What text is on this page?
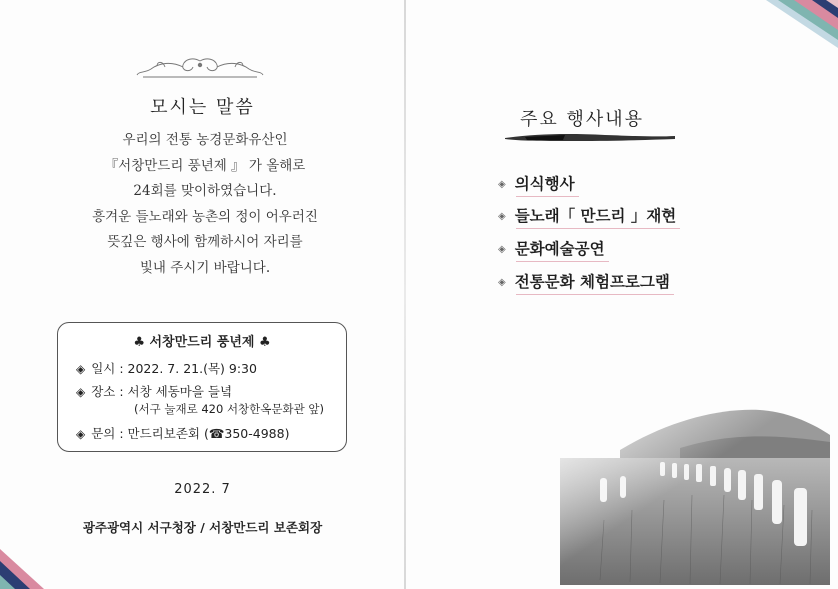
모시는 말씀
우리의 전통 농경문화유산인
『서창만드리 풍년제 』 가 올해로
24회를 맞이하였습니다.
흥겨운 들노래와 농촌의 정이 어우러진
뜻깊은 행사에 함께하시어 자리를
빛내 주시기 바랍니다.
♣ 서창만드리 풍년제 ♣
◈ 일시 : 2022. 7. 21.(목) 9:30
◈ 장소 : 서창 세동마을 들녘
(서구 눌재로 420 서창한옥문화관 앞)
◈ 문의 : 만드리보존회 (☎350-4988)
2022. 7
광주광역시 서구청장 / 서창만드리 보존회장
주요 행사내용
◈ 의식행사
◈ 들노래「 만드리 」재현
◈ 문화예술공연
◈ 전통문화 체험프로그램
